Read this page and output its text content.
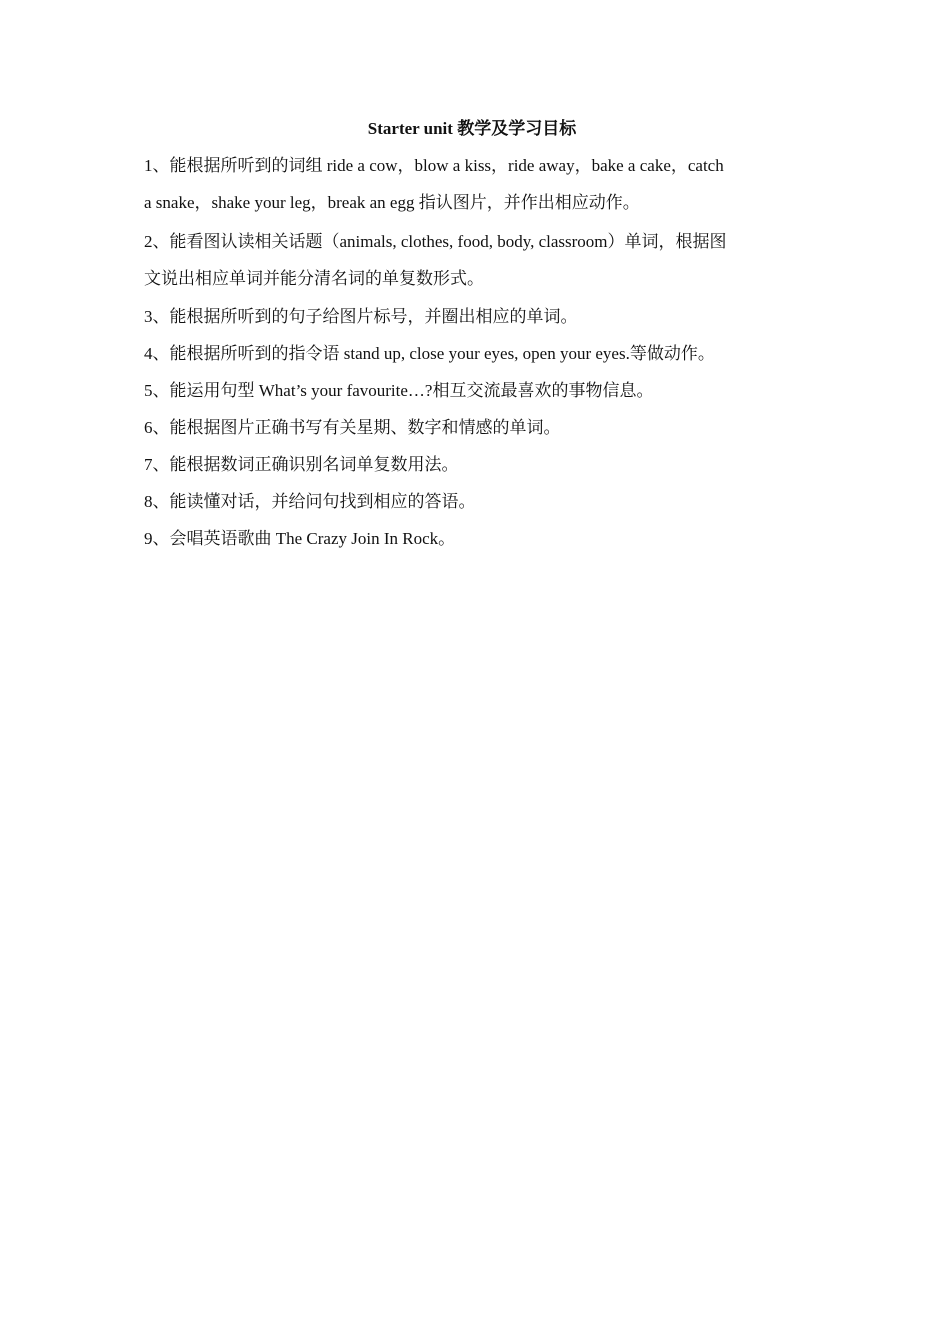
Starter unit 教学及学习目标
1、能根据所听到的词组 ride a cow，blow a kiss，ride away，bake a cake，catch
a snake，shake your leg，break an egg 指认图片，并作出相应动作。
2、能看图认读相关话题（animals, clothes, food, body, classroom）单词，根据图
文说出相应单词并能分清名词的单复数形式。
3、能根据所听到的句子给图片标号，并圈出相应的单词。
4、能根据所听到的指令语 stand up, close your eyes, open your eyes.等做动作。
5、能运用句型 What’s your favourite…?相互交流最喜欢的事物信息。
6、能根据图片正确书写有关星期、数字和情感的单词。
7、能根据数词正确识别名词单复数用法。
8、能读懂对话，并给问句找到相应的答语。
9、会唱英语歌曲 The Crazy Join In Rock。
